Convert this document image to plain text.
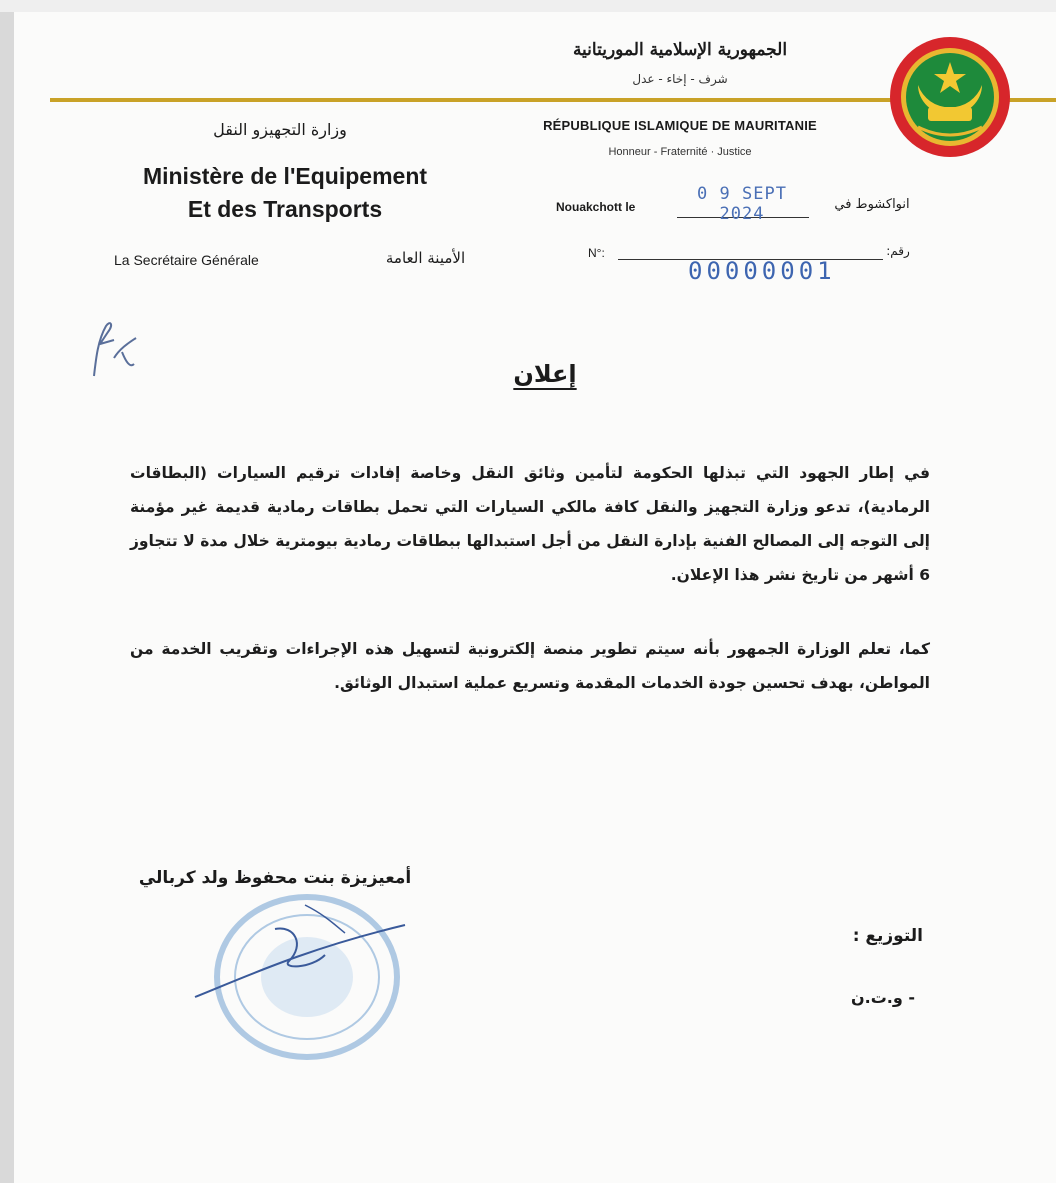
الجمهورية الإسلامية الموريتانية
شرف - إخاء - عدل
RÉPUBLIQUE ISLAMIQUE DE MAURITANIE
Honneur - Fraternité · Justice
وزارة التجهيزو النقل
Ministère de l'Equipement
Et des Transports
La Secrétaire Générale	الأمينة العامة
Nouakchott le
0 9 SEPT 2024	انواكشوط في
N°:	رقم:
00000001
إعلان
في إطار الجهود التي تبذلها الحكومة لتأمين وثائق النقل وخاصة إفادات ترقيم السيارات (البطاقات الرمادية)، تدعو وزارة التجهيز والنقل كافة مالكي السيارات التي تحمل بطاقات رمادية قديمة غير مؤمنة إلى التوجه إلى المصالح الفنية بإدارة النقل من أجل استبدالها ببطاقات رمادية بيومترية خلال مدة لا تتجاوز 6 أشهر من تاريخ نشر هذا الإعلان.
كما، تعلم الوزارة الجمهور بأنه سيتم تطوير منصة إلكترونية لتسهيل هذه الإجراءات وتقريب الخدمة من المواطن، بهدف تحسين جودة الخدمات المقدمة وتسريع عملية استبدال الوثائق.
أمعيزيزة بنت محفوظ ولد كربالي
التوزيع :
- و.ت.ن
